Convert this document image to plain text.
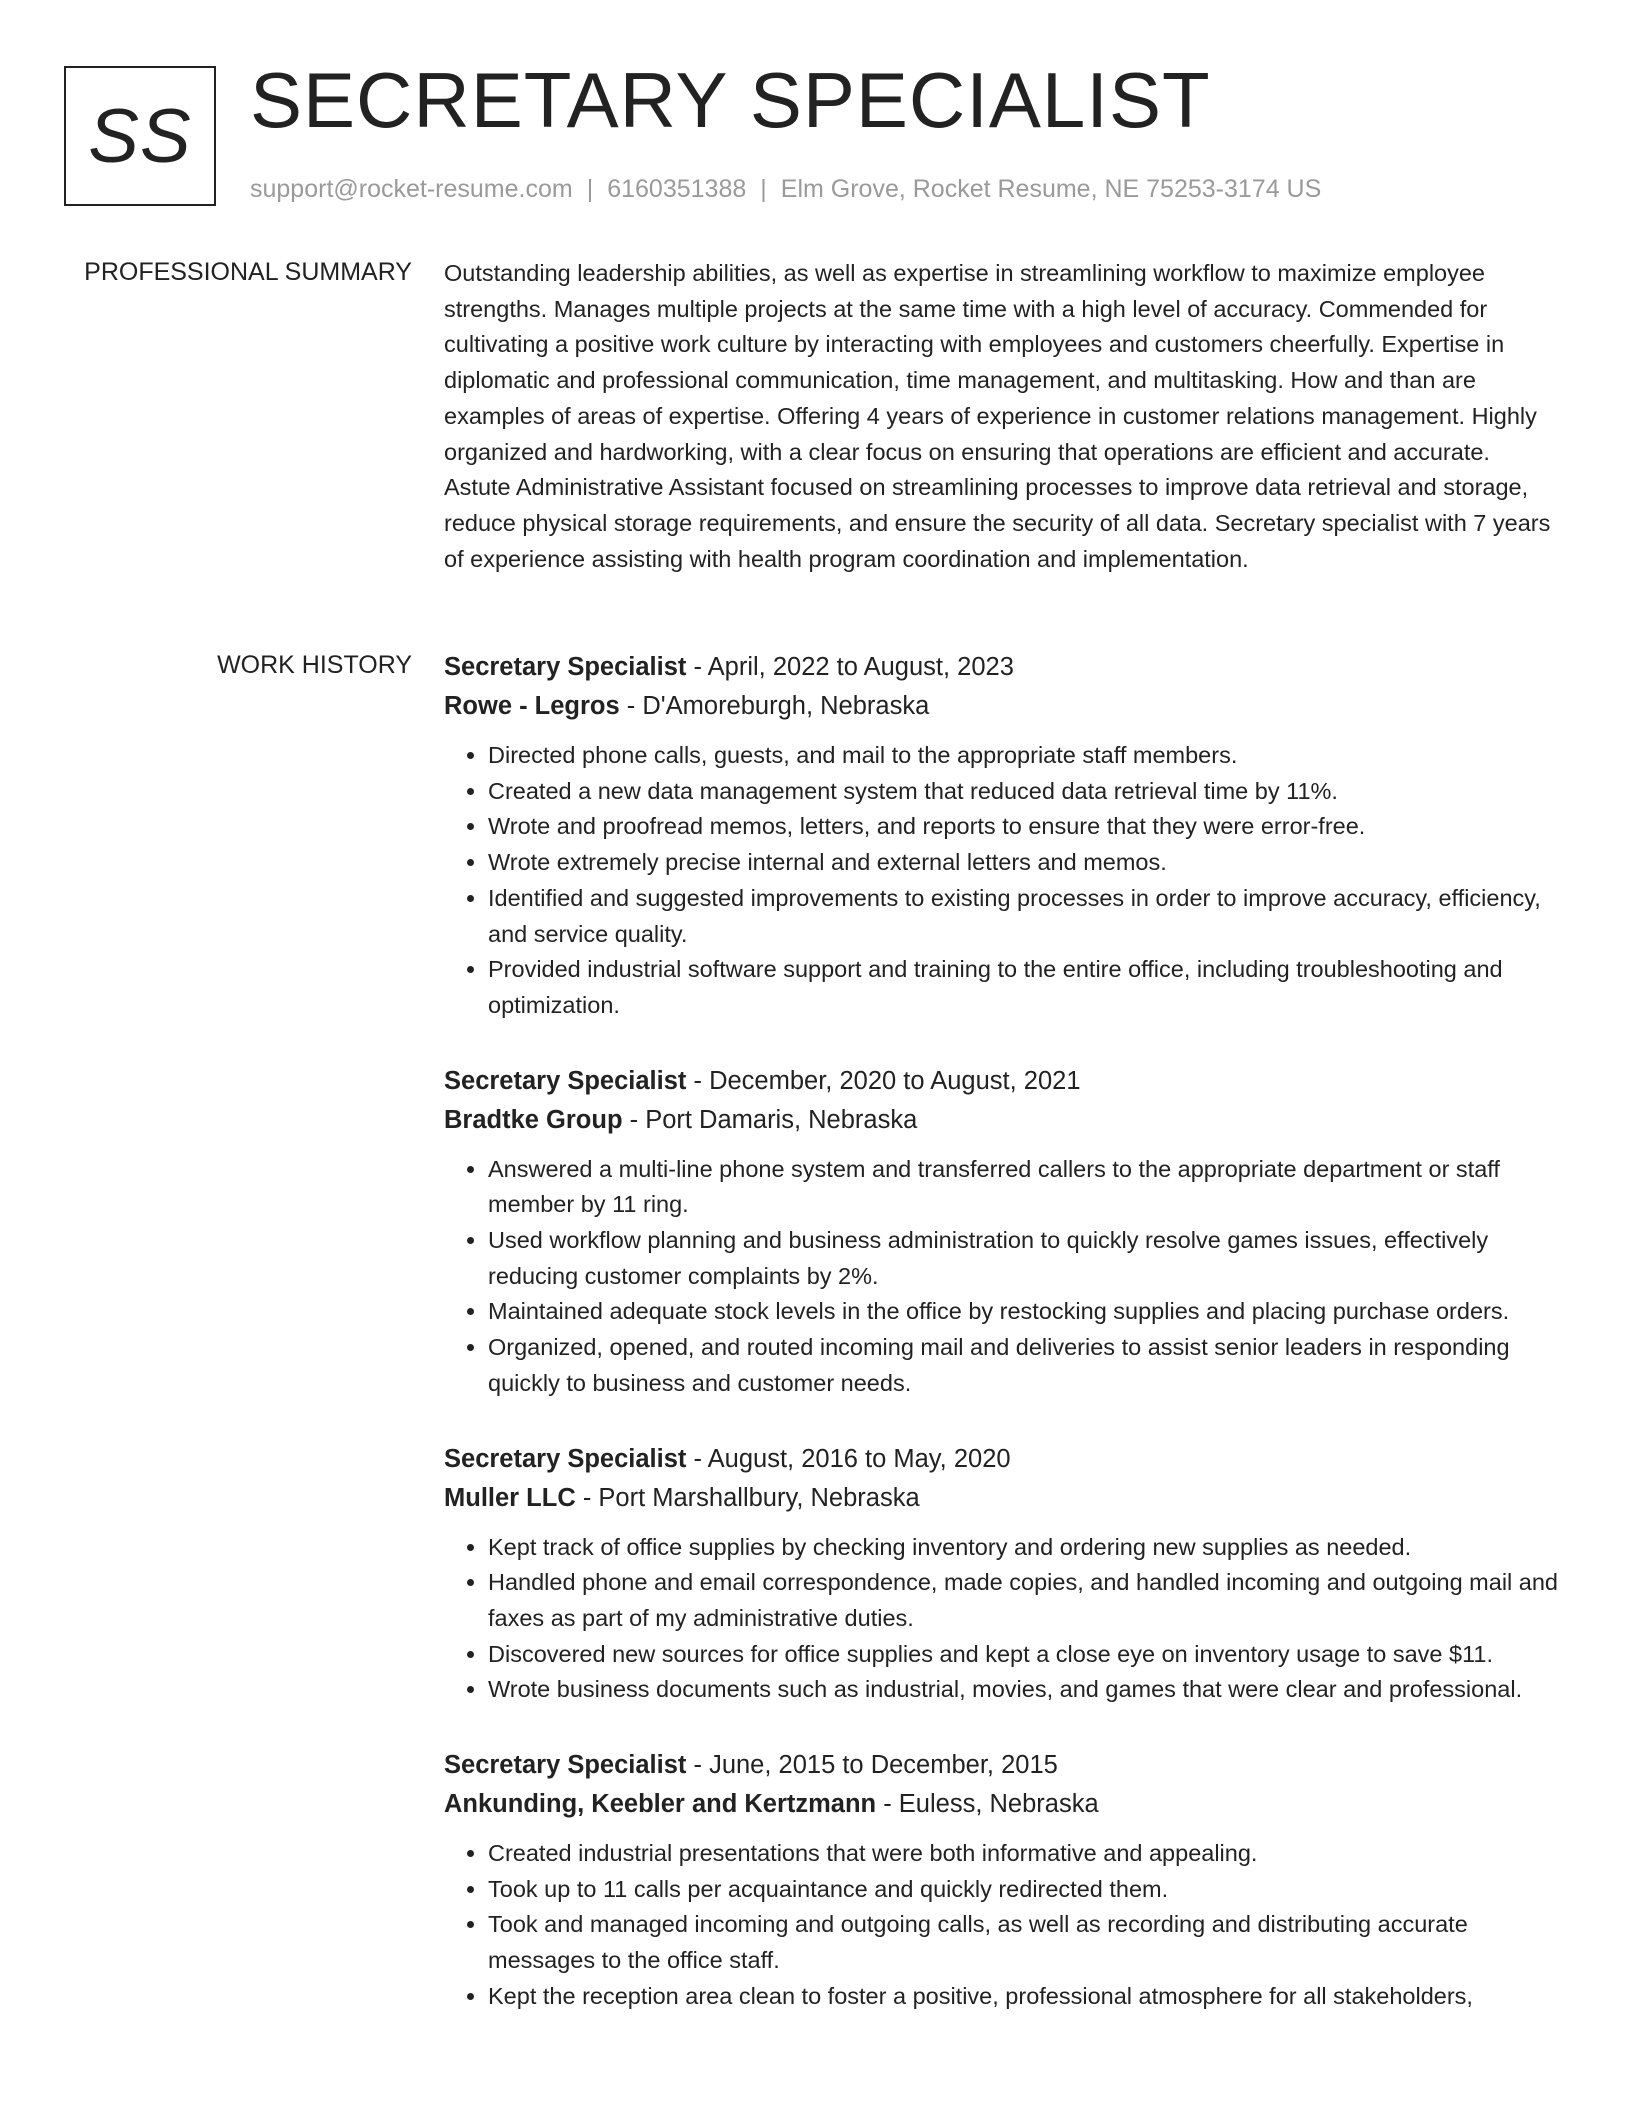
SS SECRETARY SPECIALIST
support@rocket-resume.com | 6160351388 | Elm Grove, Rocket Resume, NE 75253-3174 US
PROFESSIONAL SUMMARY Outstanding leadership abilities, as well as expertise in streamlining workflow to maximize employee strengths. Manages multiple projects at the same time with a high level of accuracy. Commended for cultivating a positive work culture by interacting with employees and customers cheerfully. Expertise in diplomatic and professional communication, time management, and multitasking. How and than are examples of areas of expertise. Offering 4 years of experience in customer relations management. Highly organized and hardworking, with a clear focus on ensuring that operations are efficient and accurate. Astute Administrative Assistant focused on streamlining processes to improve data retrieval and storage, reduce physical storage requirements, and ensure the security of all data. Secretary specialist with 7 years of experience assisting with health program coordination and implementation.

WORK HISTORY Secretary Specialist - April, 2022 to August, 2023
Rowe - Legros - D'Amoreburgh, Nebraska
• Directed phone calls, guests, and mail to the appropriate staff members.
• Created a new data management system that reduced data retrieval time by 11%.
• Wrote and proofread memos, letters, and reports to ensure that they were error-free.
• Wrote extremely precise internal and external letters and memos.
• Identified and suggested improvements to existing processes in order to improve accuracy, efficiency, and service quality.
• Provided industrial software support and training to the entire office, including troubleshooting and optimization.
Secretary Specialist - December, 2020 to August, 2021
Bradtke Group - Port Damaris, Nebraska
• Answered a multi-line phone system and transferred callers to the appropriate department or staff member by 11 ring.
• Used workflow planning and business administration to quickly resolve games issues, effectively reducing customer complaints by 2%.
• Maintained adequate stock levels in the office by restocking supplies and placing purchase orders.
• Organized, opened, and routed incoming mail and deliveries to assist senior leaders in responding quickly to business and customer needs.
Secretary Specialist - August, 2016 to May, 2020
Muller LLC - Port Marshallbury, Nebraska
• Kept track of office supplies by checking inventory and ordering new supplies as needed.
• Handled phone and email correspondence, made copies, and handled incoming and outgoing mail and faxes as part of my administrative duties.
• Discovered new sources for office supplies and kept a close eye on inventory usage to save $11.
• Wrote business documents such as industrial, movies, and games that were clear and professional.
Secretary Specialist - June, 2015 to December, 2015
Ankunding, Keebler and Kertzmann - Euless, Nebraska
• Created industrial presentations that were both informative and appealing.
• Took up to 11 calls per acquaintance and quickly redirected them.
• Took and managed incoming and outgoing calls, as well as recording and distributing accurate messages to the office staff.
• Kept the reception area clean to foster a positive, professional atmosphere for all stakeholders,
